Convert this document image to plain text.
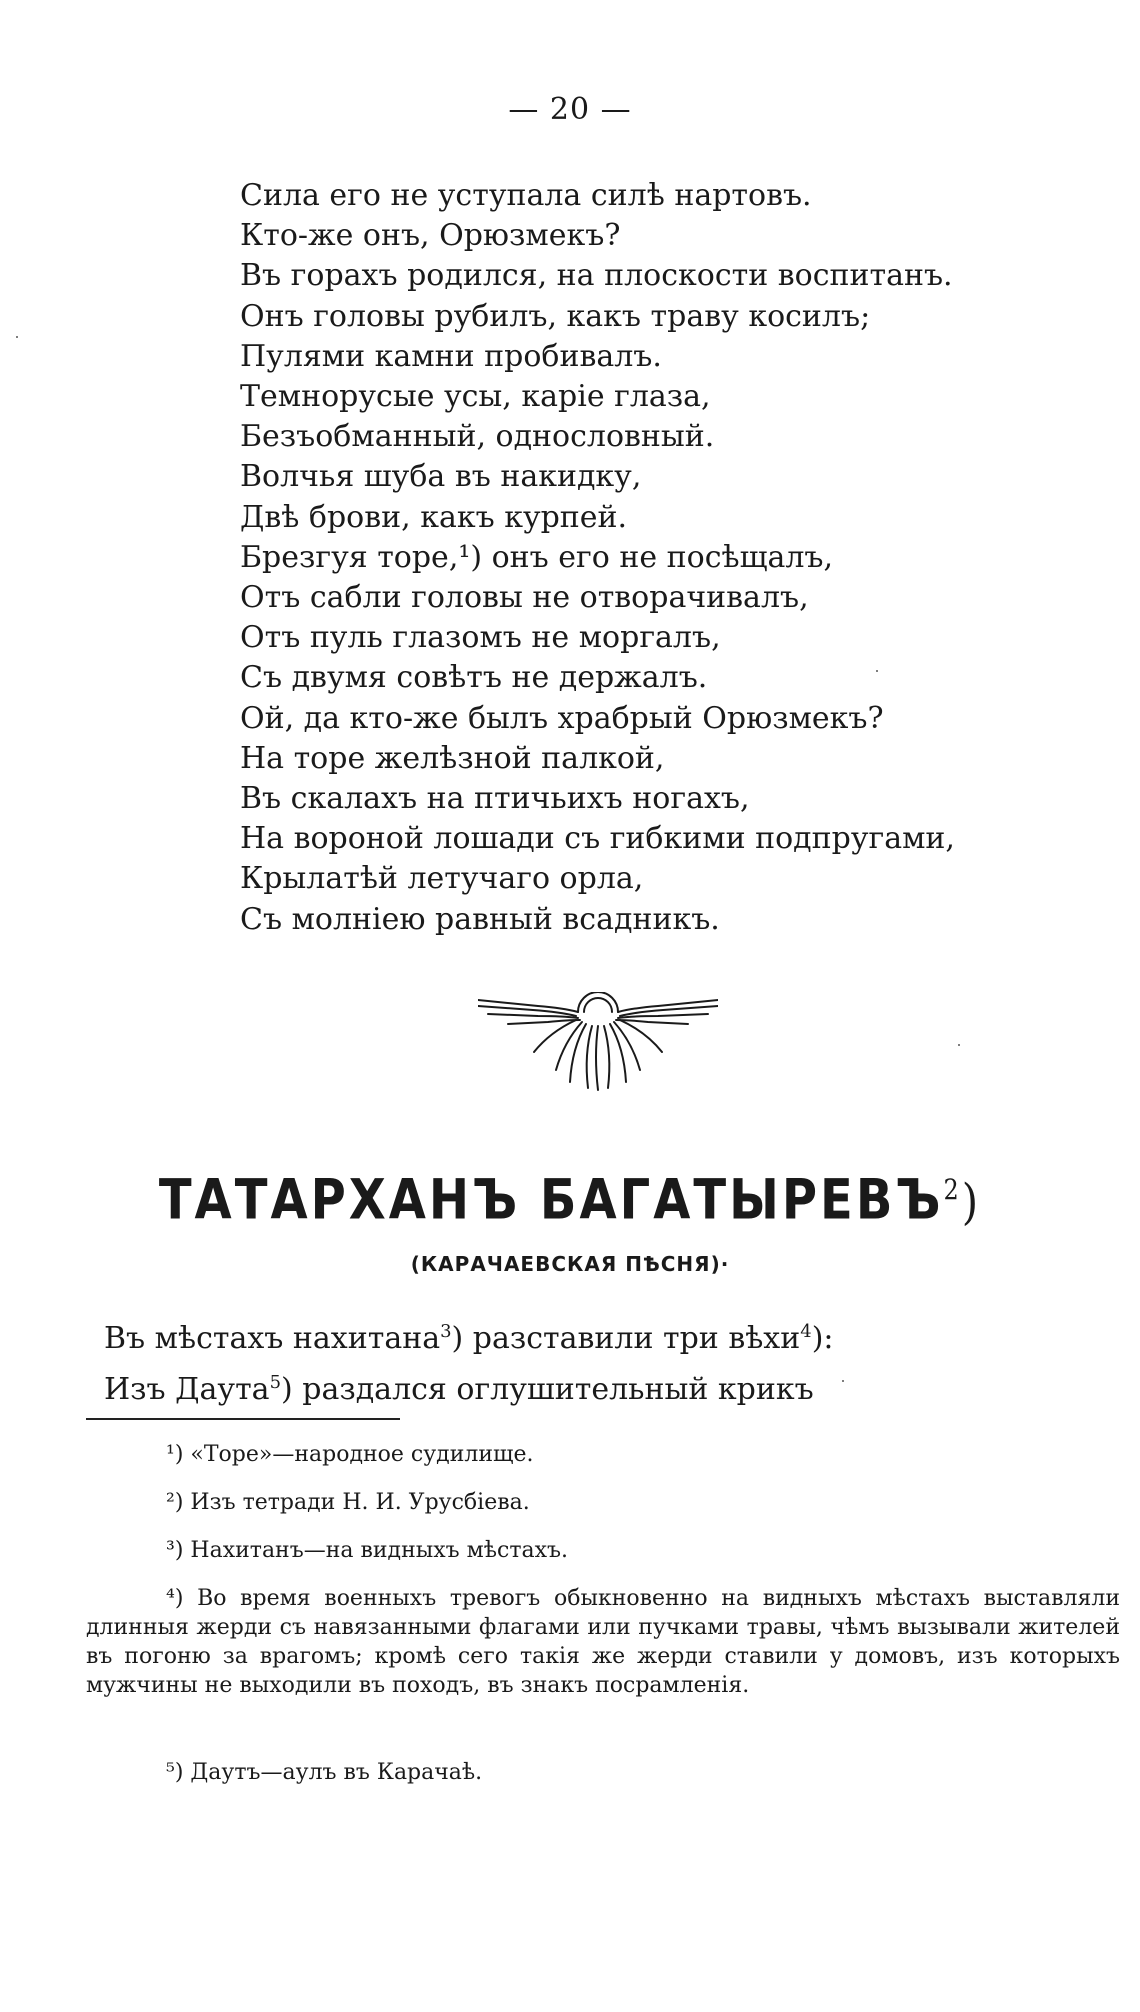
— 20 —
Сила его не уступала силѣ нартовъ.
Кто-же онъ, Орюзмекъ?
Въ горахъ родился, на плоскости воспитанъ.
Онъ головы рубилъ, какъ траву косилъ;
Пулями камни пробивалъ.
Темнорусые усы, карiе глаза,
Безъобманный, однословный.
Волчья шуба въ накидку,
Двѣ брови, какъ курпей.
Брезгуя торе,¹) онъ его не посѣщалъ,
Отъ сабли головы не отворачивалъ,
Отъ пуль глазомъ не моргалъ,
Съ двумя совѣтъ не держалъ.
Ой, да кто-же былъ храбрый Орюзмекъ?
На торе желѣзной палкой,
Въ скалахъ на птичьихъ ногахъ,
На вороной лошади съ гибкими подпругами,
Крылатѣй летучаго орла,
Съ молнiею равный всадникъ.
ТАТАРХАНЪ БАГАТЫРЕВЪ$^2$)
(КАРАЧАЕВСКАЯ ПѢСНЯ)·
Въ мѣстахъ нахитана$^3$) разставили три вѣхи$^4$):
Изъ Даута$^5$) раздался оглушительный крикъ
¹) «Торе»—народное судилище.
²) Изъ тетради Н. И. Урусбiева.
³) Нахитанъ—на видныхъ мѣстахъ.
⁴) Во время военныхъ тревогъ обыкновенно на видныхъ мѣстахъ выставляли длинныя жерди съ навязанными флагами или пучками травы, чѣмъ вызывали жителей въ погоню за врагомъ; кромѣ сего такiя же жерди ставили у домовъ, изъ которыхъ мужчины не выходили въ походъ, въ знакъ посрамленiя.
⁵) Даутъ—аулъ въ Карачаѣ.
